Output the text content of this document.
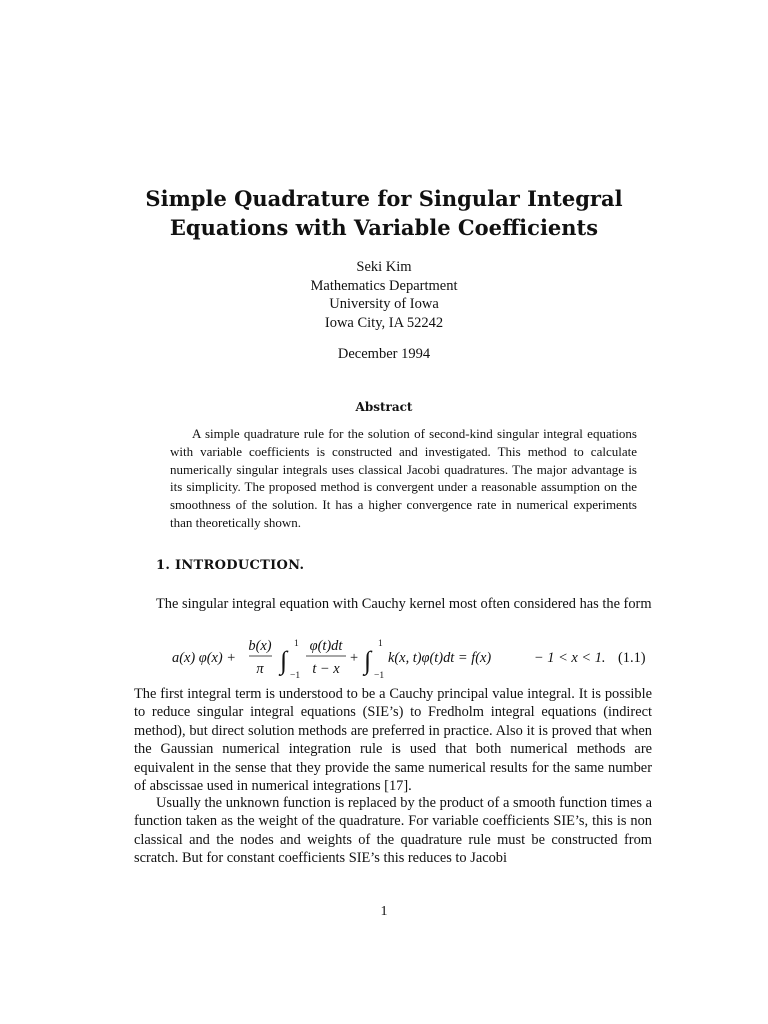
Simple Quadrature for Singular Integral
Equations with Variable Coefficients
Seki Kim
Mathematics Department
University of Iowa
Iowa City, IA 52242
December 1994
Abstract
A simple quadrature rule for the solution of second-kind singular integral equations with variable coefficients is constructed and investigated. This method to calculate numerically singular integrals uses classical Jacobi quadratures. The major advantage is its simplicity. The proposed method is convergent under a reasonable assumption on the smoothness of the solution. It has a higher convergence rate in numerical experiments than theoretically shown.
1. INTRODUCTION.
The singular integral equation with Cauchy kernel most often considered has the form
a(x) φ(x) +
b(x)
π ∫
1
−1
φ(t)dt
t − x
+ ∫
1
−1
k(x, t)φ(t)dt = f(x)	− 1 < x < 1. (1.1)
The first integral term is understood to be a Cauchy principal value integral. It is possible to reduce singular integral equations (SIE’s) to Fredholm integral equations (indirect method), but direct solution methods are preferred in practice. Also it is proved that when the Gaussian numerical integration rule is used that both numerical methods are equivalent in the sense that they provide the same numerical results for the same number of abscissae used in numerical integrations [17].
Usually the unknown function is replaced by the product of a smooth function times a function taken as the weight of the quadrature. For variable coefficients SIE’s, this is non classical and the nodes and weights of the quadrature rule must be constructed from scratch. But for constant coefficients SIE’s this reduces to Jacobi
1
